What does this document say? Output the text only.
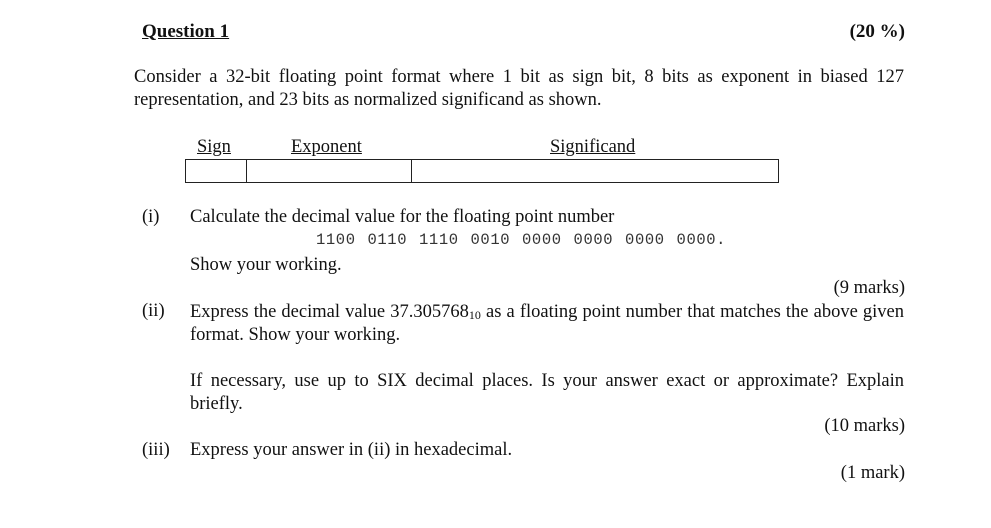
Question 1	(20 %)
Consider a 32-bit floating point format where 1 bit as sign bit, 8 bits as exponent in biased 127 representation, and 23 bits as normalized significand as shown.
Sign	Exponent	Significand
(i) Calculate the decimal value for the floating point number
1100 0110 1110 0010 0000 0000 0000 0000.
Show your working.
(9 marks)
(ii) Express the decimal value $37.305768_{10}$ as a floating point number that matches the above given format. Show your working.
If necessary, use up to SIX decimal places. Is your answer exact or approximate? Explain briefly.
(10 marks)
(iii) Express your answer in (ii) in hexadecimal.
(1 mark)
